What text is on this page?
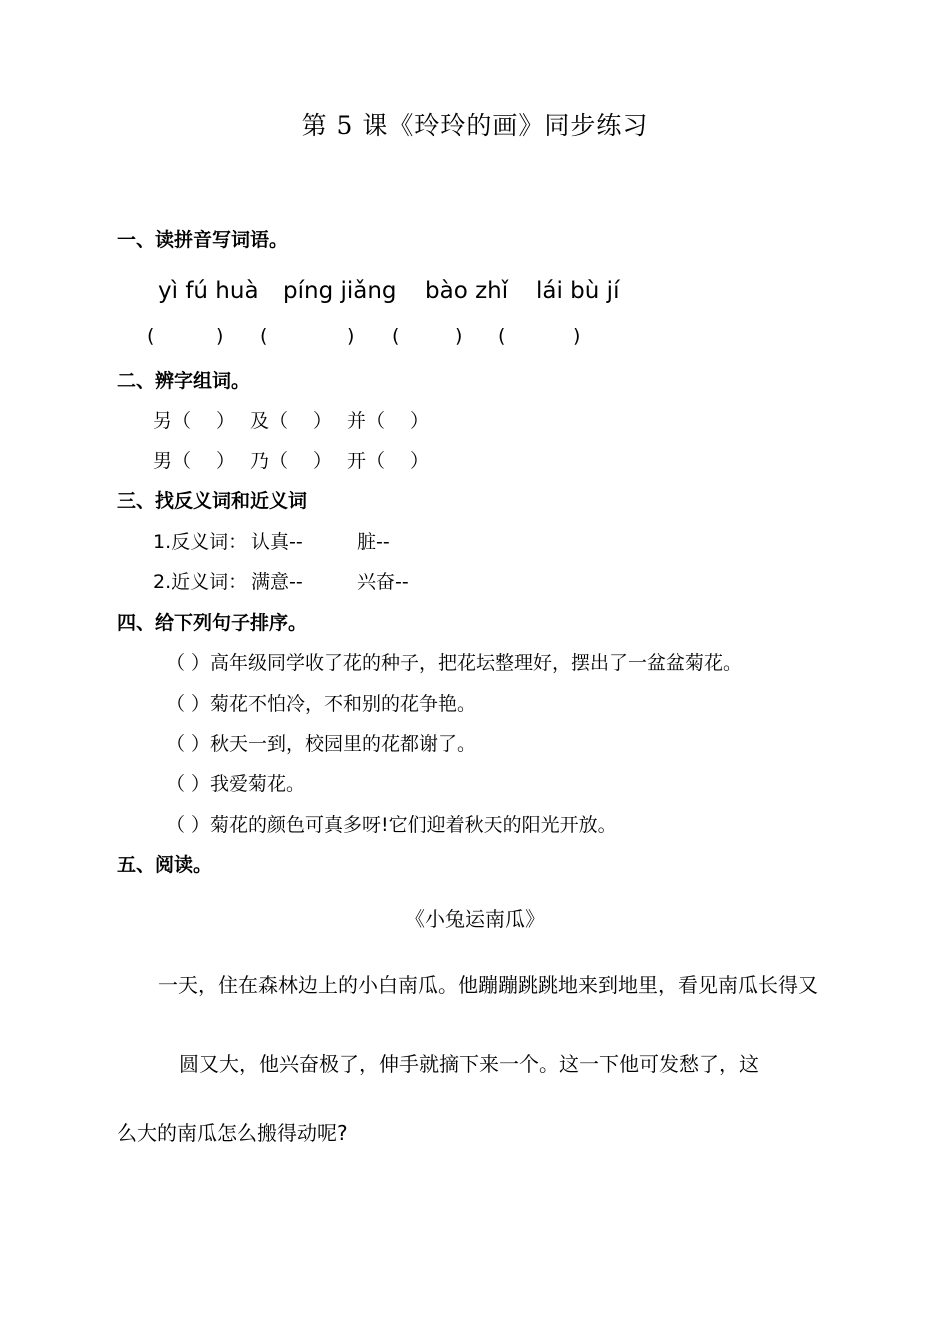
第 5 课《玲玲的画》同步练习
一、读拼音写词语。
yì fú huà píng jiǎng bào zhǐ lái bù jí
(	) (	) (	) (	)
二、辨字组词。
另（　 ） 及（　 ） 并（　 ）
男（　 ） 乃（　 ） 开（　 ）
三、找反义词和近义词
1.反义词： 认真--	脏--
2.近义词： 满意--	兴奋--
四、给下列句子排序。
（ ）高年级同学收了花的种子，把花坛整理好，摆出了一盆盆菊花。
（ ）菊花不怕冷，不和别的花争艳。
（ ）秋天一到，校园里的花都谢了。
（ ）我爱菊花。
（ ）菊花的颜色可真多呀!它们迎着秋天的阳光开放。
五、阅读。
《小兔运南瓜》
一天，住在森林边上的小白南瓜。他蹦蹦跳跳地来到地里，看见南瓜长得又
圆又大，他兴奋极了，伸手就摘下来一个。这一下他可发愁了，这
么大的南瓜怎么搬得动呢?
